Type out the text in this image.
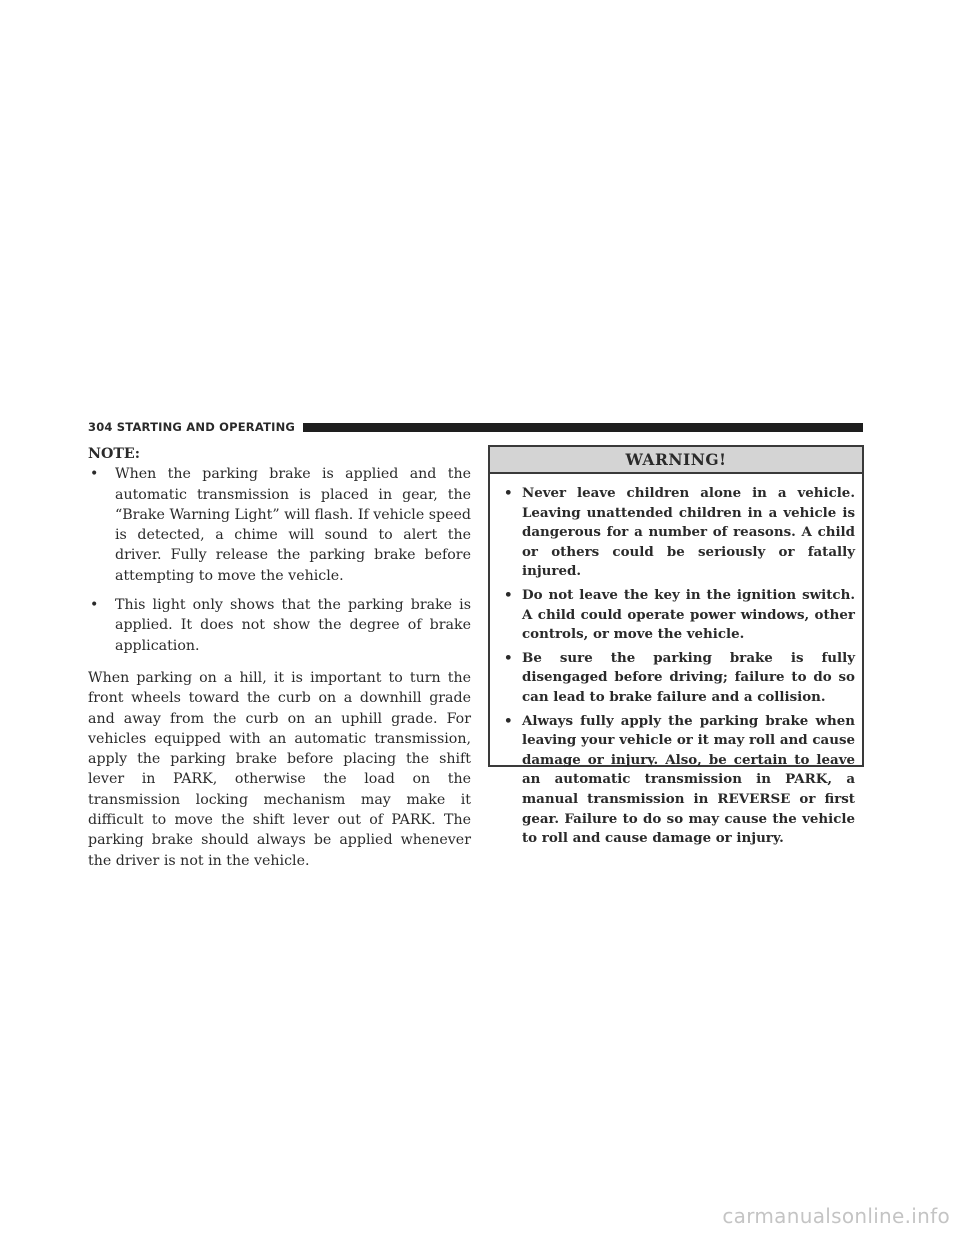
304 STARTING AND OPERATING

NOTE:

• When the parking brake is applied and the automatic transmission is placed in gear, the “Brake Warning Light” will flash. If vehicle speed is detected, a chime will sound to alert the driver. Fully release the parking brake before attempting to move the vehicle.
• This light only shows that the parking brake is applied. It does not show the degree of brake application.

When parking on a hill, it is important to turn the front wheels toward the curb on a downhill grade and away from the curb on an uphill grade. For vehicles equipped with an automatic transmission, apply the parking brake before placing the shift lever in PARK, otherwise the load on the transmission locking mechanism may make it difficult to move the shift lever out of PARK. The parking brake should always be applied whenever the driver is not in the vehicle.

WARNING!
• Never leave children alone in a vehicle. Leaving unattended children in a vehicle is dangerous for a number of reasons. A child or others could be seriously or fatally injured.
• Do not leave the key in the ignition switch. A child could operate power windows, other controls, or move the vehicle.
• Be sure the parking brake is fully disengaged before driving; failure to do so can lead to brake failure and a collision.
• Always fully apply the parking brake when leaving your vehicle or it may roll and cause damage or injury. Also, be certain to leave an automatic transmission in PARK, a manual transmission in REVERSE or first gear. Failure to do so may cause the vehicle to roll and cause damage or injury.
carmanualsonline.info
